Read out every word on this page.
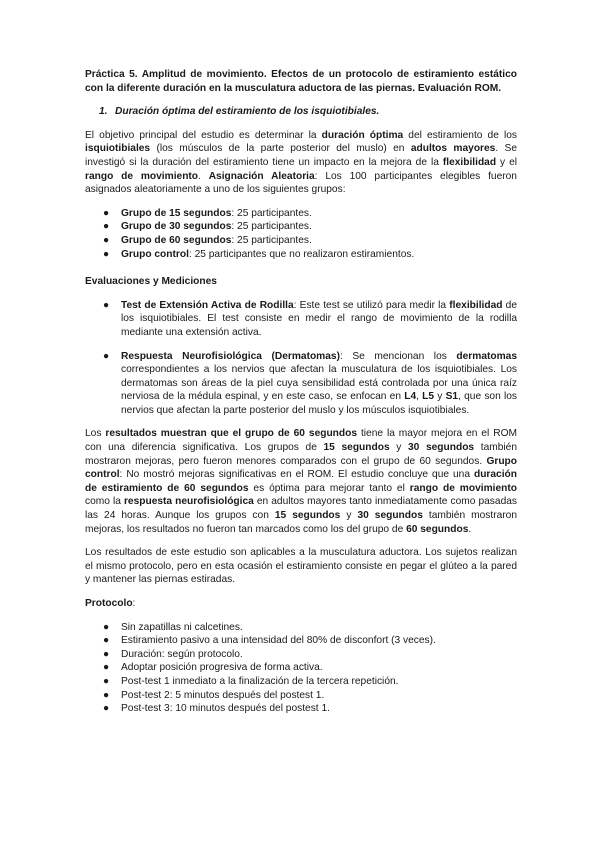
Práctica 5. Amplitud de movimiento. Efectos de un protocolo de estiramiento estático con la diferente duración en la musculatura aductora de las piernas. Evaluación ROM.

1. Duración óptima del estiramiento de los isquiotibiales.

El objetivo principal del estudio es determinar la duración óptima del estiramiento de los isquiotibiales (los músculos de la parte posterior del muslo) en adultos mayores. Se investigó si la duración del estiramiento tiene un impacto en la mejora de la flexibilidad y el rango de movimiento. Asignación Aleatoria: Los 100 participantes elegibles fueron asignados aleatoriamente a uno de los siguientes grupos:

● Grupo de 15 segundos: 25 participantes.
● Grupo de 30 segundos: 25 participantes.
● Grupo de 60 segundos: 25 participantes.
● Grupo control: 25 participantes que no realizaron estiramientos.
Evaluaciones y Mediciones
● Test de Extensión Activa de Rodilla: Este test se utilizó para medir la flexibilidad de los isquiotibiales. El test consiste en medir el rango de movimiento de la rodilla mediante una extensión activa.
● Respuesta Neurofisiológica (Dermatomas): Se mencionan los dermatomas correspondientes a los nervios que afectan la musculatura de los isquiotibiales. Los dermatomas son áreas de la piel cuya sensibilidad está controlada por una única raíz nerviosa de la médula espinal, y en este caso, se enfocan en L4, L5 y S1, que son los nervios que afectan la parte posterior del muslo y los músculos isquiotibiales.

Los resultados muestran que el grupo de 60 segundos tiene la mayor mejora en el ROM con una diferencia significativa. Los grupos de 15 segundos y 30 segundos también mostraron mejoras, pero fueron menores comparados con el grupo de 60 segundos. Grupo control: No mostró mejoras significativas en el ROM. El estudio concluye que una duración de estiramiento de 60 segundos es óptima para mejorar tanto el rango de movimiento como la respuesta neurofisiológica en adultos mayores tanto inmediatamente como pasadas las 24 horas. Aunque los grupos con 15 segundos y 30 segundos también mostraron mejoras, los resultados no fueron tan marcados como los del grupo de 60 segundos.

Los resultados de este estudio son aplicables a la musculatura aductora. Los sujetos realizan el mismo protocolo, pero en esta ocasión el estiramiento consiste en pegar el glúteo a la pared y mantener las piernas estiradas.

Protocolo:

● Sin zapatillas ni calcetines.
● Estiramiento pasivo a una intensidad del 80% de disconfort (3 veces).
● Duración: según protocolo.
● Adoptar posición progresiva de forma activa.
● Post-test 1 inmediato a la finalización de la tercera repetición.
● Post-test 2: 5 minutos después del postest 1.
● Post-test 3: 10 minutos después del postest 1.
